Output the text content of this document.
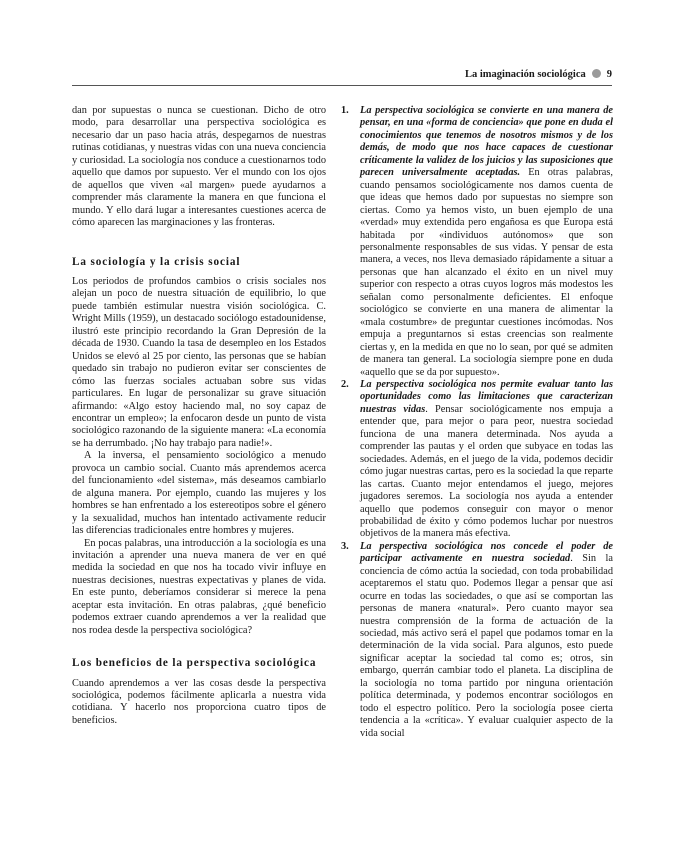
La imaginación sociológica 9

dan por supuestas o nunca se cuestionan. Dicho de otro modo, para desarrollar una perspectiva sociológica es necesario dar un paso hacia atrás, despegarnos de nuestras rutinas cotidianas, y nuestras vidas con una nueva conciencia y curiosidad. La sociología nos conduce a cuestionarnos todo aquello que damos por supuesto. Ver el mundo con los ojos de aquellos que viven «al margen» puede ayudarnos a comprender más claramente la manera en que funciona el mundo. Y ello dará lugar a interesantes cuestiones acerca de cómo aparecen las marginaciones y las fronteras.

La sociología y la crisis social

Los periodos de profundos cambios o crisis sociales nos alejan un poco de nuestra situación de equilibrio, lo que puede también estimular nuestra visión sociológica. C. Wright Mills (1959), un destacado sociólogo estadounidense, ilustró este principio recordando la Gran Depresión de la década de 1930. Cuando la tasa de desempleo en los Estados Unidos se elevó al 25 por ciento, las personas que se habían quedado sin trabajo no pudieron evitar ser conscientes de cómo las fuerzas sociales actuaban sobre sus vidas particulares. En lugar de personalizar su grave situación afirmando: «Algo estoy haciendo mal, no soy capaz de encontrar un empleo»; la enfocaron desde un punto de vista sociológico razonando de la siguiente manera: «La economía se ha derrumbado. ¡No hay trabajo para nadie!».

A la inversa, el pensamiento sociológico a menudo provoca un cambio social. Cuanto más aprendemos acerca del funcionamiento «del sistema», más deseamos cambiarlo de alguna manera. Por ejemplo, cuando las mujeres y los hombres se han enfrentado a los estereotipos sobre el género y la sexualidad, muchos han intentado activamente reducir las diferencias tradicionales entre hombres y mujeres.

En pocas palabras, una introducción a la sociología es una invitación a aprender una nueva manera de ver en qué medida la sociedad en que nos ha tocado vivir influye en nuestras decisiones, nuestras expectativas y planes de vida. En este punto, deberíamos considerar si merece la pena aceptar esta invitación. En otras palabras, ¿qué beneficio podemos extraer cuando aprendemos a ver la realidad que nos rodea desde la perspectiva sociológica?

Los beneficios de la perspectiva sociológica

Cuando aprendemos a ver las cosas desde la perspectiva sociológica, podemos fácilmente aplicarla a nuestra vida cotidiana. Y hacerlo nos proporciona cuatro tipos de beneficios.

1. La perspectiva sociológica se convierte en una manera de pensar, en una «forma de conciencia» que pone en duda el conocimientos que tenemos de nosotros mismos y de los demás, de modo que nos hace capaces de cuestionar críticamente la validez de los juicios y las suposiciones que parecen universalmente aceptadas. En otras palabras, cuando pensamos sociológicamente nos damos cuenta de que ideas que hemos dado por supuestas no siempre son ciertas. Como ya hemos visto, un buen ejemplo de una «verdad» muy extendida pero engañosa es que Europa está habitada por «individuos autónomos» que son personalmente responsables de sus vidas. Y pensar de esta manera, a veces, nos lleva demasiado rápidamente a situar a personas que han alcanzado el éxito en un nivel muy superior con respecto a otras cuyos logros más modestos les señalan como personalmente deficientes. El enfoque sociológico se convierte en una manera de alimentar la «mala costumbre» de preguntar cuestiones incómodas. Nos empuja a preguntarnos si estas creencias son realmente ciertas y, en la medida en que no lo sean, por qué se admiten de manera tan general. La sociología siempre pone en duda «aquello que se da por supuesto».

2. La perspectiva sociológica nos permite evaluar tanto las oportunidades como las limitaciones que caracterizan nuestras vidas. Pensar sociológicamente nos empuja a entender que, para mejor o para peor, nuestra sociedad funciona de una manera determinada. Nos ayuda a comprender las pautas y el orden que subyace en todas las sociedades. Además, en el juego de la vida, podemos decidir cómo jugar nuestras cartas, pero es la sociedad la que reparte las cartas. Cuanto mejor entendamos el juego, mejores jugadores seremos. La sociología nos ayuda a entender aquello que podemos conseguir con mayor o menor probabilidad de éxito y cómo podemos luchar por nuestros objetivos de la manera más efectiva.

3. La perspectiva sociológica nos concede el poder de participar activamente en nuestra sociedad. Sin la conciencia de cómo actúa la sociedad, con toda probabilidad aceptaremos el statu quo. Podemos llegar a pensar que así ocurre en todas las sociedades, o que así se comportan las personas de manera «natural». Pero cuanto mayor sea nuestra comprensión de la forma de actuación de la sociedad, más activo será el papel que podamos tomar en la determinación de la vida social. Para algunos, esto puede significar aceptar la sociedad tal como es; otros, sin embargo, querrán cambiar todo el planeta. La disciplina de la sociología no toma partido por ninguna orientación política determinada, y podemos encontrar sociólogos en todo el espectro político. Pero la sociología posee cierta tendencia a la «crítica». Y evaluar cualquier aspecto de la vida social
